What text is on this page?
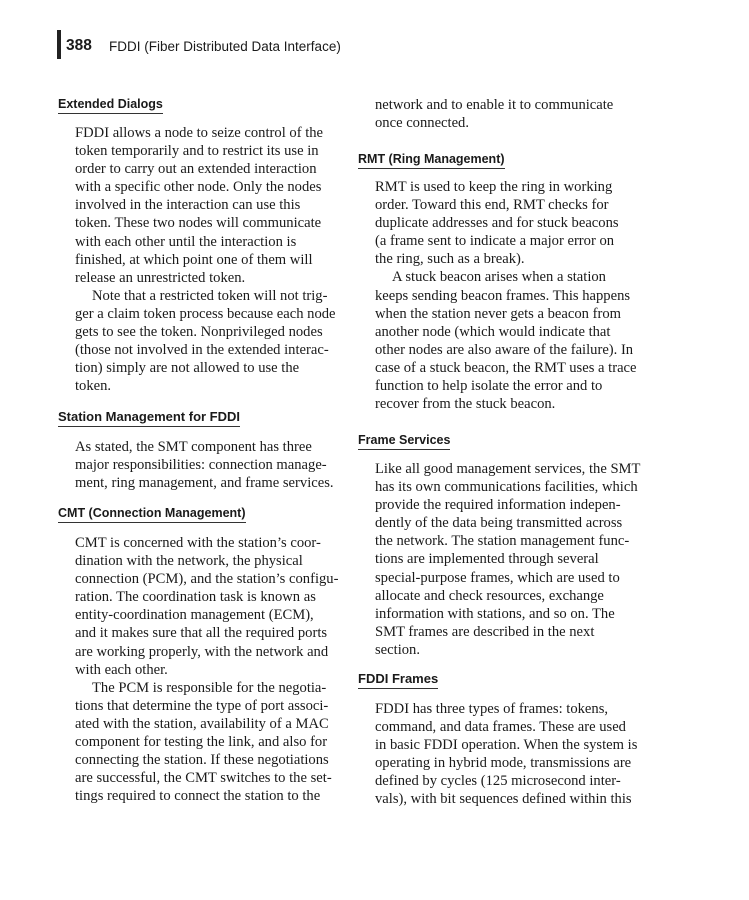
388 FDDI (Fiber Distributed Data Interface)
Extended Dialogs
FDDI allows a node to seize control of the
token temporarily and to restrict its use in
order to carry out an extended interaction
with a specific other node. Only the nodes
involved in the interaction can use this
token. These two nodes will communicate
with each other until the interaction is
finished, at which point one of them will
release an unrestricted token.
Note that a restricted token will not trig-
ger a claim token process because each node
gets to see the token. Nonprivileged nodes
(those not involved in the extended interac-
tion) simply are not allowed to use the
token.
Station Management for FDDI
As stated, the SMT component has three
major responsibilities: connection manage-
ment, ring management, and frame services.
CMT (Connection Management)
CMT is concerned with the station’s coor-
dination with the network, the physical
connection (PCM), and the station’s configu-
ration. The coordination task is known as
entity-coordination management (ECM),
and it makes sure that all the required ports
are working properly, with the network and
with each other.
The PCM is responsible for the negotia-
tions that determine the type of port associ-
ated with the station, availability of a MAC
component for testing the link, and also for
connecting the station. If these negotiations
are successful, the CMT switches to the set-
tings required to connect the station to the
network and to enable it to communicate
once connected.
RMT (Ring Management)
RMT is used to keep the ring in working
order. Toward this end, RMT checks for
duplicate addresses and for stuck beacons
(a frame sent to indicate a major error on
the ring, such as a break).
A stuck beacon arises when a station
keeps sending beacon frames. This happens
when the station never gets a beacon from
another node (which would indicate that
other nodes are also aware of the failure). In
case of a stuck beacon, the RMT uses a trace
function to help isolate the error and to
recover from the stuck beacon.
Frame Services
Like all good management services, the SMT
has its own communications facilities, which
provide the required information indepen-
dently of the data being transmitted across
the network. The station management func-
tions are implemented through several
special-purpose frames, which are used to
allocate and check resources, exchange
information with stations, and so on. The
SMT frames are described in the next
section.
FDDI Frames
FDDI has three types of frames: tokens,
command, and data frames. These are used
in basic FDDI operation. When the system is
operating in hybrid mode, transmissions are
defined by cycles (125 microsecond inter-
vals), with bit sequences defined within this
